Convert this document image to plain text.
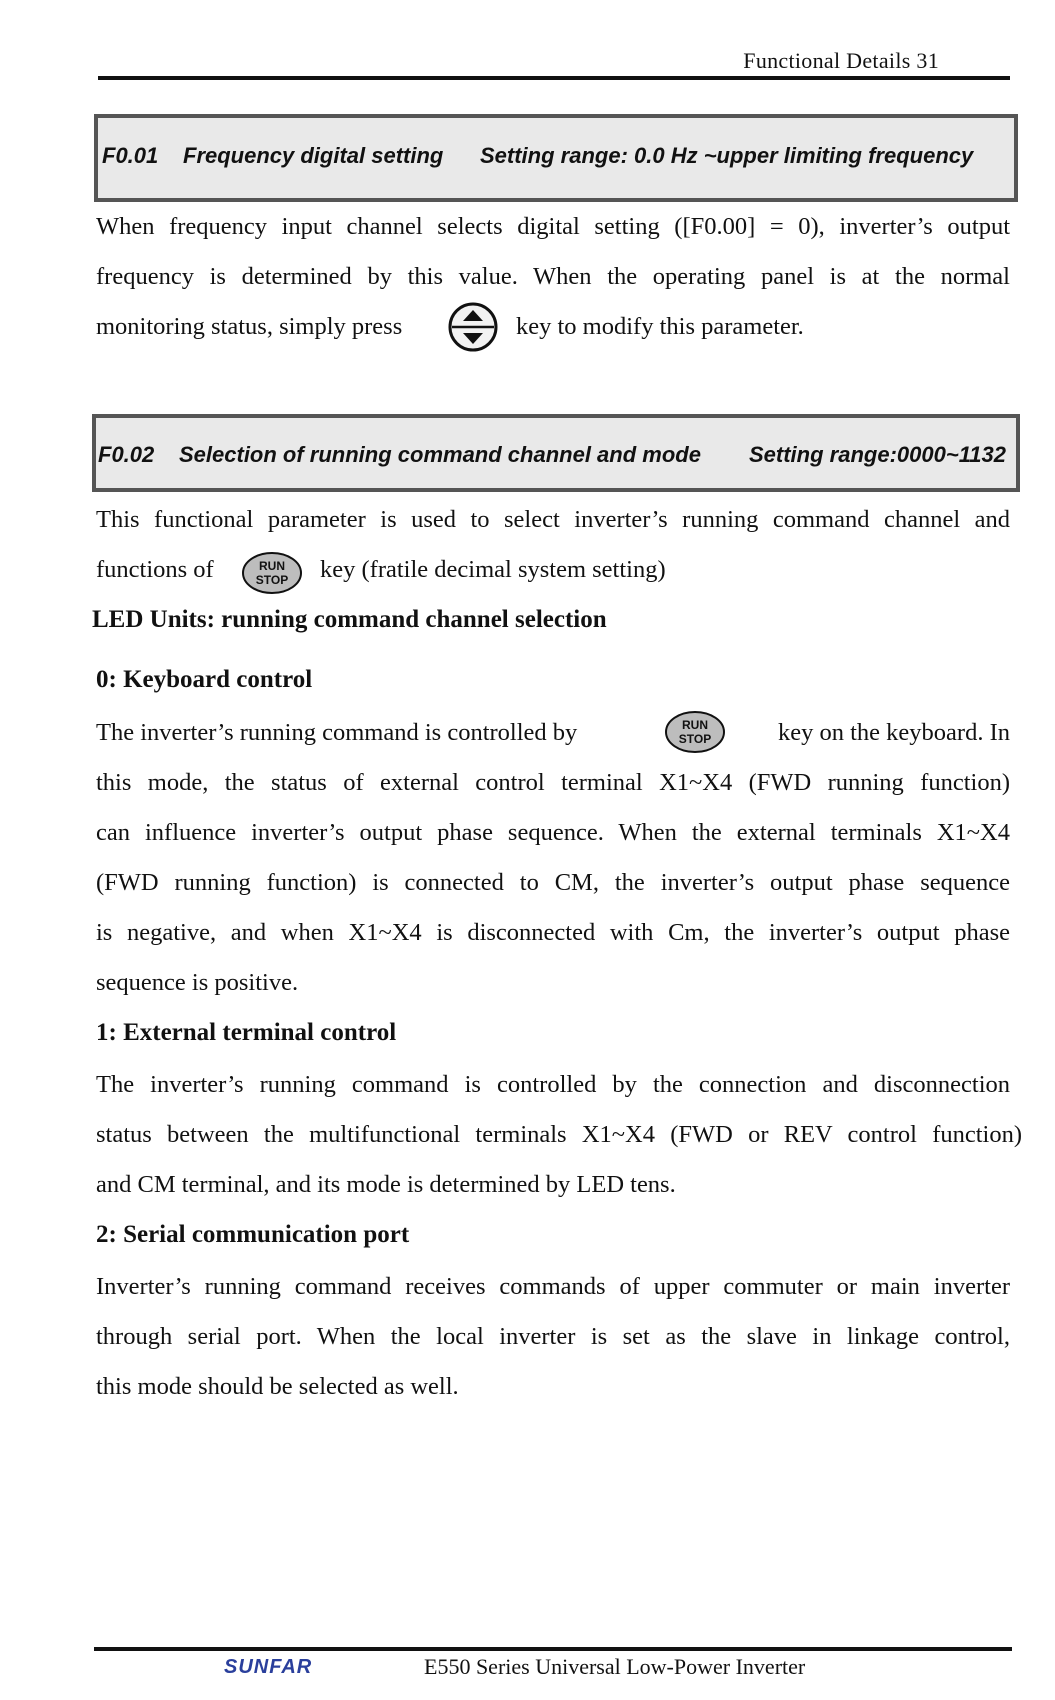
Functional Details 31
F0.01 Frequency digital setting Setting range: 0.0 Hz ~upper limiting frequency
When frequency input channel selects digital setting ([F0.00] = 0), inverter’s output
frequency is determined by this value. When the operating panel is at the normal
monitoring status, simply press	key to modify this parameter.
F0.02 Selection of running command channel and mode Setting range:0000~1132
This functional parameter is used to select inverter’s running command channel and
functions of	RUN
STOP key (fratile decimal system setting)
LED Units: running command channel selection
0: Keyboard control
The inverter’s running command is controlled by	RUN
STOP	key on the keyboard. In
this mode, the status of external control terminal X1~X4 (FWD running function)
can influence inverter’s output phase sequence. When the external terminals X1~X4
(FWD running function) is connected to CM, the inverter’s output phase sequence
is negative, and when X1~X4 is disconnected with Cm, the inverter’s output phase
sequence is positive.
1: External terminal control
The inverter’s running command is controlled by the connection and disconnection
status between the multifunctional terminals X1~X4 (FWD or REV control function)
and CM terminal, and its mode is determined by LED tens.
2: Serial communication port
Inverter’s running command receives commands of upper commuter or main inverter
through serial port. When the local inverter is set as the slave in linkage control,
this mode should be selected as well.
SUNFAR	E550 Series Universal Low-Power Inverter
